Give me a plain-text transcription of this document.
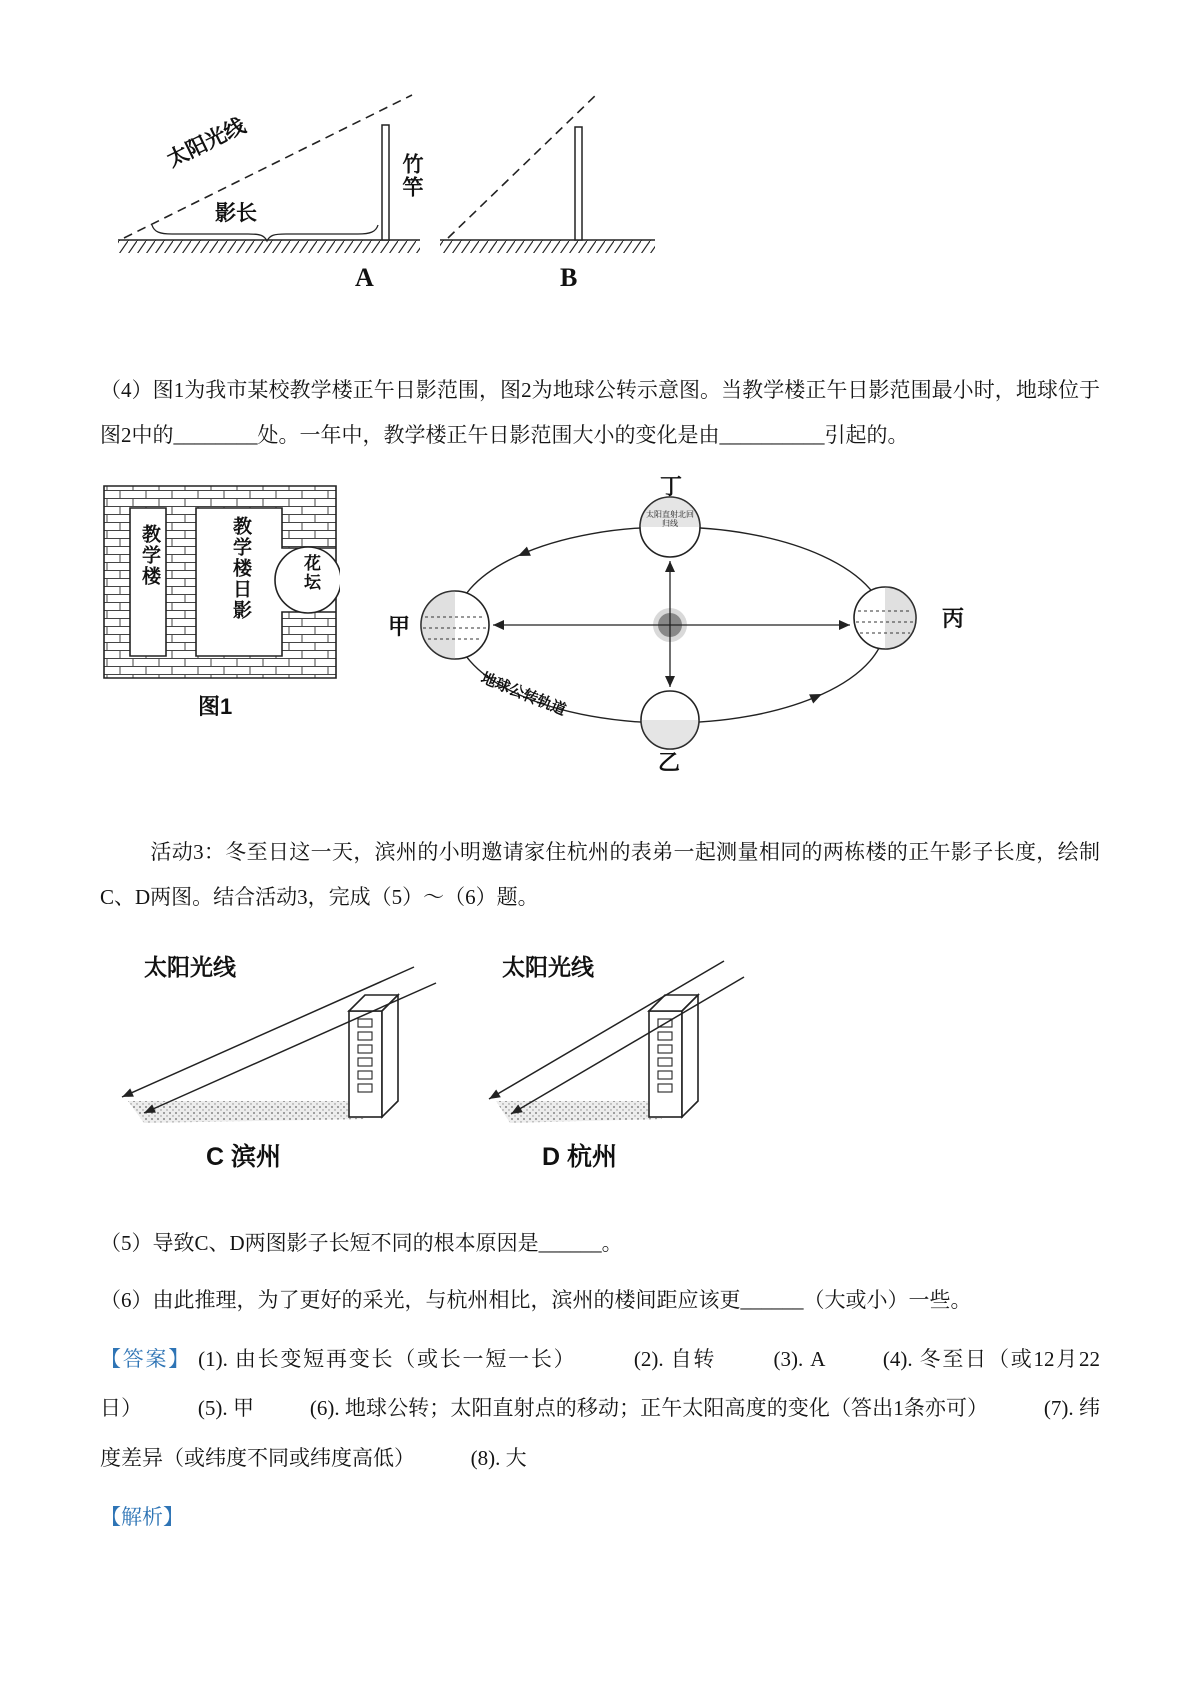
太阳光线
影长
竹竿
A	B

（4）图1为我市某校教学楼正午日影范围，图2为地球公转示意图。当教学楼正午日影范围最小时，地球位于图2中的________处。一年中，教学楼正午日影范围大小的变化是由__________引起的。

教学楼	教学楼日影	花坛
图1
丁
甲	丙
乙
地球公转轨道
太阳直射北回归线

活动3：冬至日这一天，滨州的小明邀请家住杭州的表弟一起测量相同的两栋楼的正午影子长度，绘制C、D两图。结合活动3，完成（5）～（6）题。

太阳光线	太阳光线
C 滨州	D 杭州

（5）导致C、D两图影子长短不同的根本原因是______。

（6）由此推理，为了更好的采光，与杭州相比，滨州的楼间距应该更______（大或小）一些。

【答案】 (1). 由长变短再变长（或长一短一长）	(2). 自转	(3). A	(4). 冬至日（或12月22日）	(5). 甲	(6). 地球公转；太阳直射点的移动；正午太阳高度的变化（答出1条亦可）	(7). 纬度差异（或纬度不同或纬度高低）	(8). 大

【解析】
